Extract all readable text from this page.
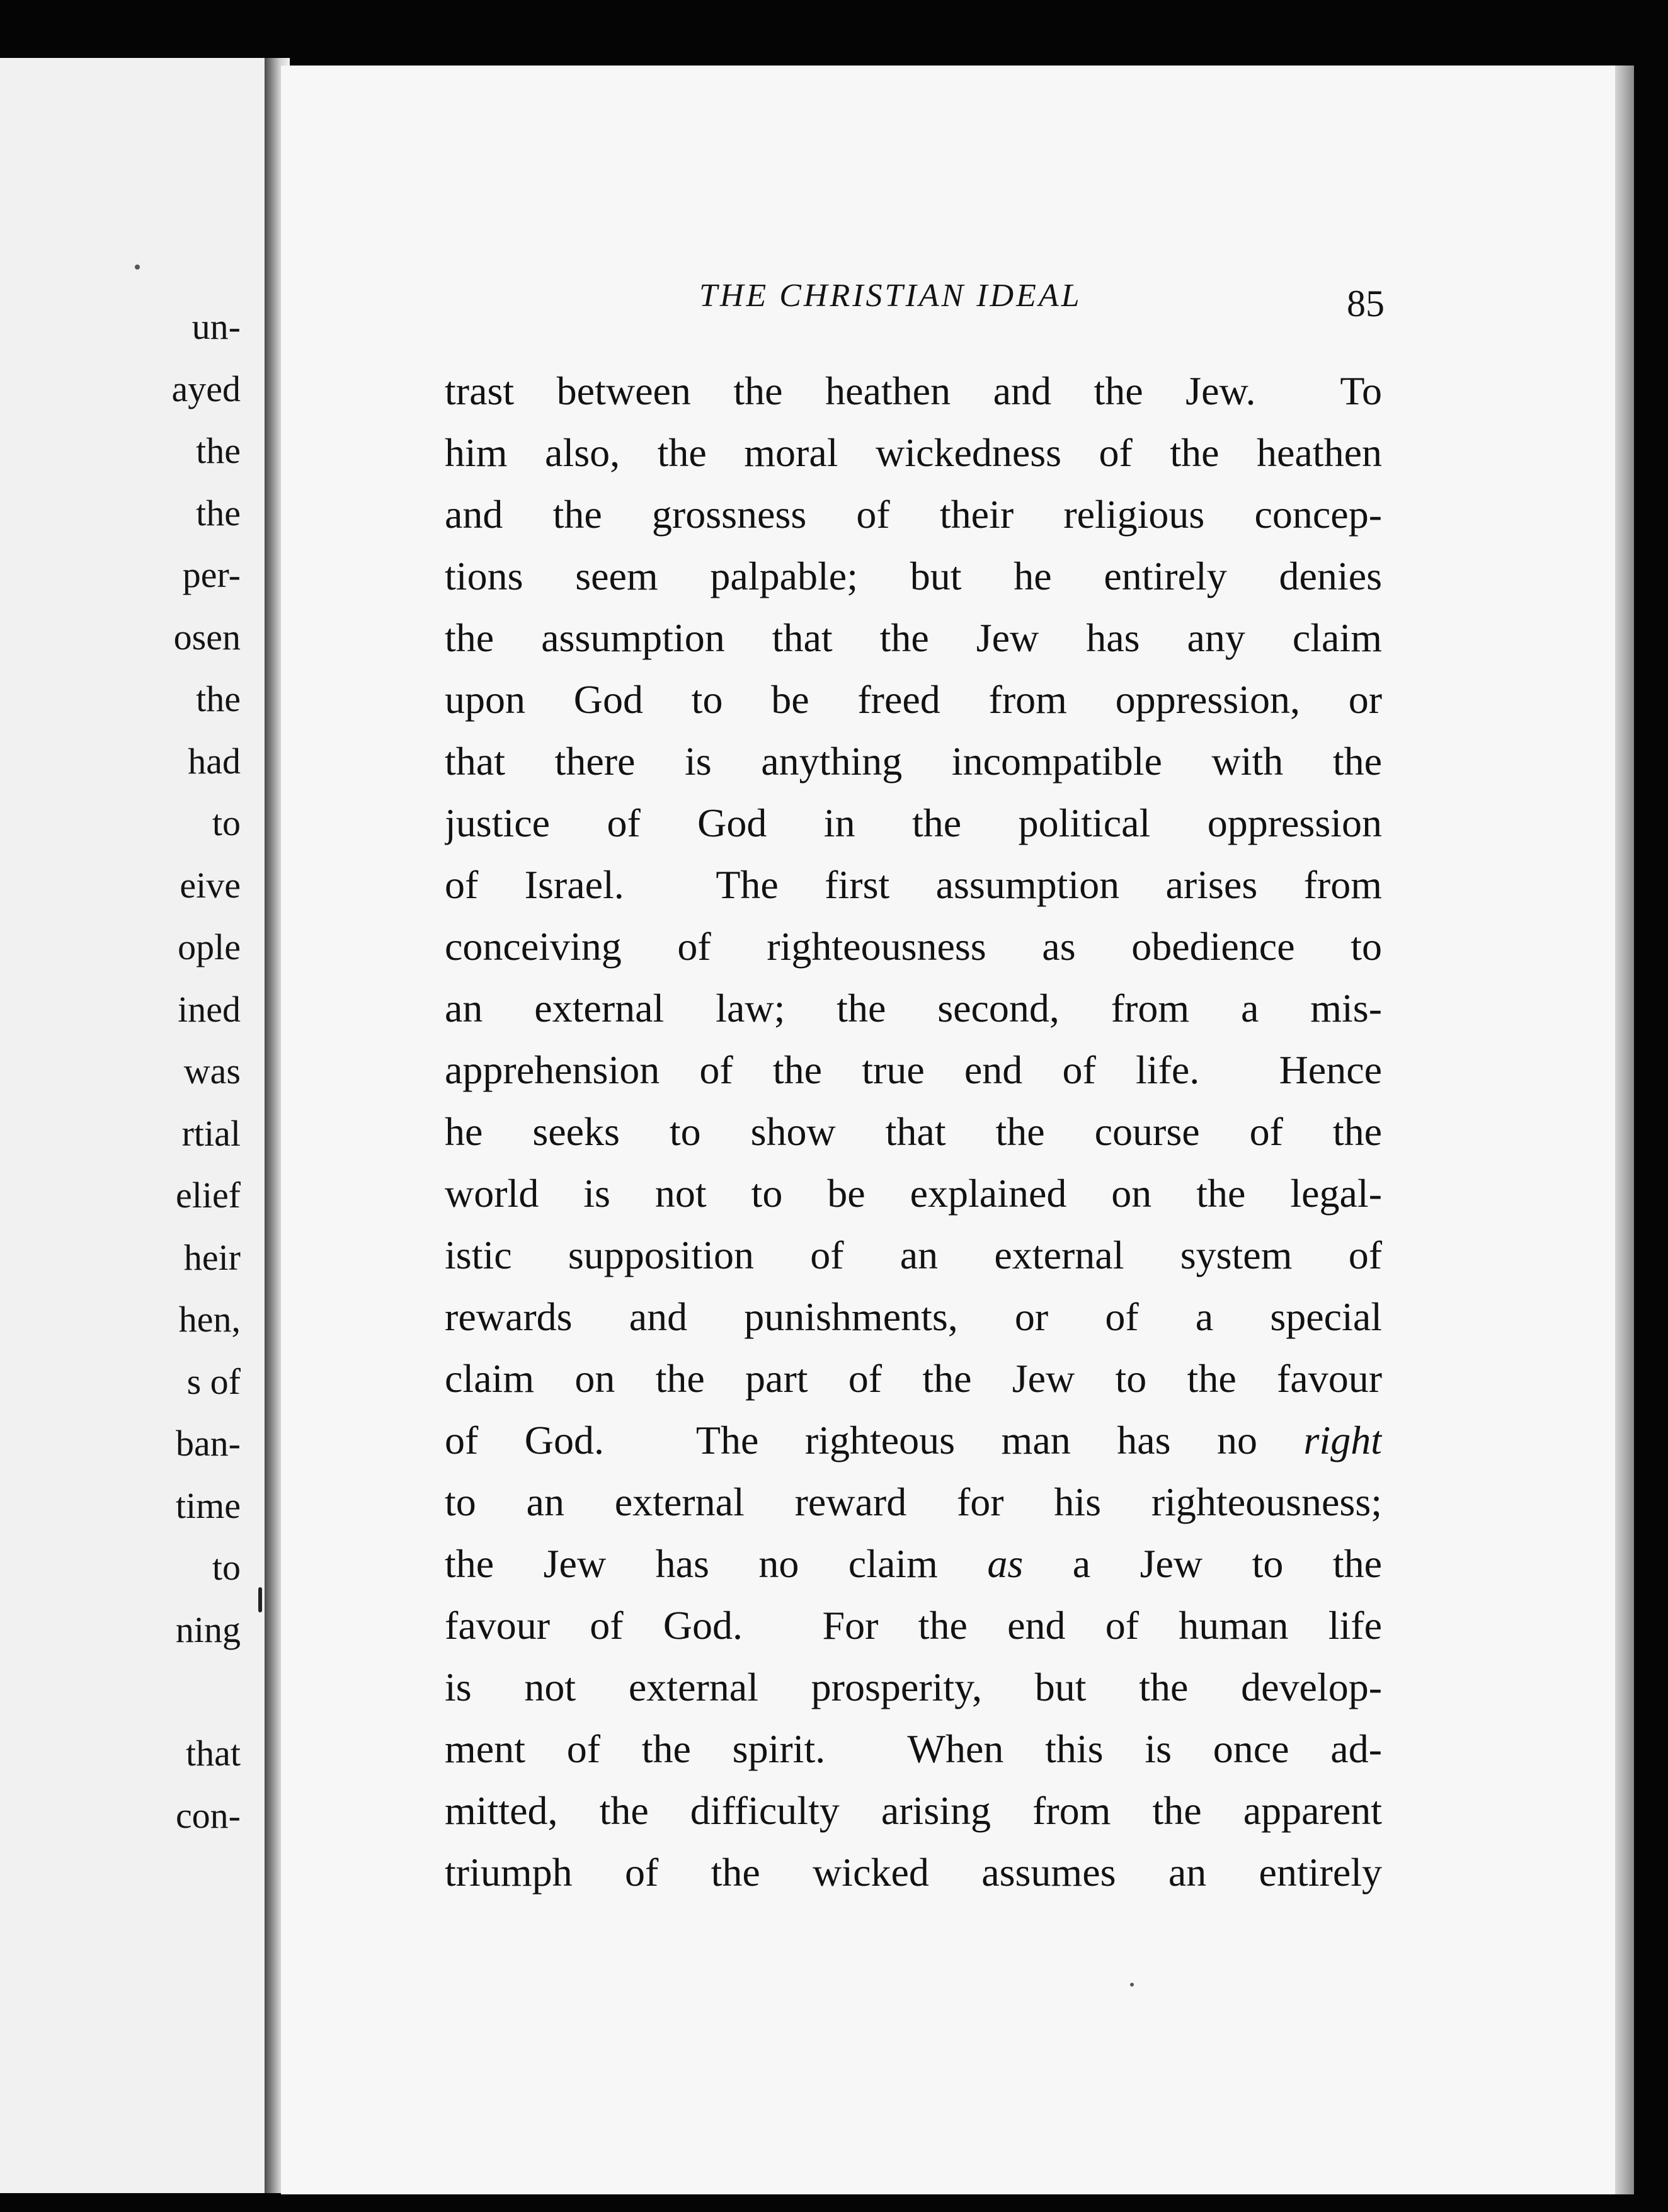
un-
ayed
the
the
per-
osen
the
had
to
eive
ople
ined
was
rtial
elief
heir
hen,
s of
ban-
time
to
ning
that
con-
THE CHRISTIAN IDEAL	85
trast between the heathen and the Jew.  To
him also, the moral wickedness of the heathen
and the grossness of their religious concep-
tions seem palpable; but he entirely denies
the assumption that the Jew has any claim
upon God to be freed from oppression, or
that there is anything incompatible with the
justice of God in the political oppression
of Israel.  The first assumption arises from
conceiving of righteousness as obedience to
an external law; the second, from a mis-
apprehension of the true end of life.  Hence
he seeks to show that the course of the
world is not to be explained on the legal-
istic supposition of an external system of
rewards and punishments, or of a special
claim on the part of the Jew to the favour
of God.  The righteous man has no right
to an external reward for his righteousness;
the Jew has no claim as a Jew to the
favour of God.  For the end of human life
is not external prosperity, but the develop-
ment of the spirit.  When this is once ad-
mitted, the difficulty arising from the apparent
triumph of the wicked assumes an entirely
